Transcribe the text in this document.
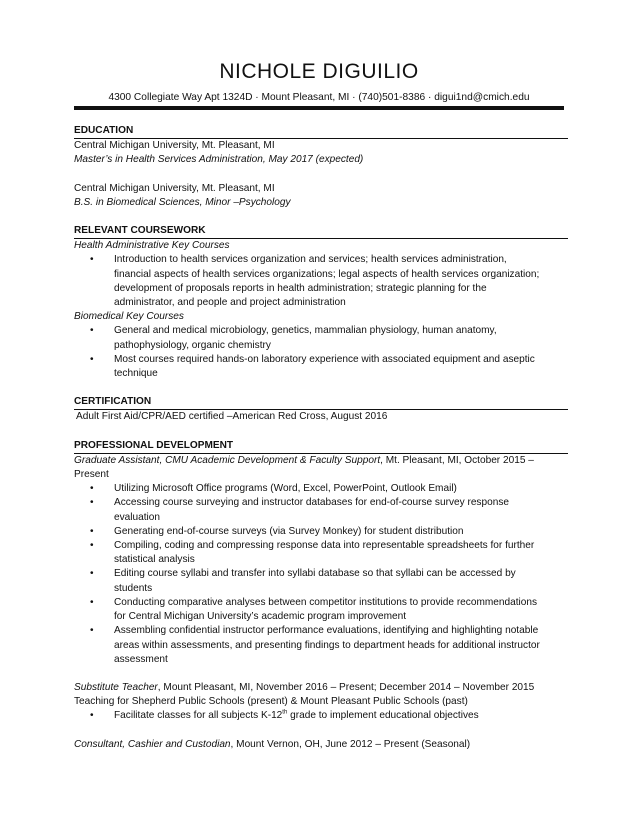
NICHOLE DIGUILIO
4300 Collegiate Way Apt 1324D · Mount Pleasant, MI · (740)501-8386 · digui1nd@cmich.edu
EDUCATION
Central Michigan University, Mt. Pleasant, MI
Master’s in Health Services Administration, May 2017 (expected)
Central Michigan University, Mt. Pleasant, MI
B.S. in Biomedical Sciences, Minor –Psychology
RELEVANT COURSEWORK
Health Administrative Key Courses
• Introduction to health services organization and services; health services administration,
financial aspects of health services organizations; legal aspects of health services organization;
development of proposals reports in health administration; strategic planning for the
administrator, and people and project administration
Biomedical Key Courses
• General and medical microbiology, genetics, mammalian physiology, human anatomy,
pathophysiology, organic chemistry
• Most courses required hands-on laboratory experience with associated equipment and aseptic
technique
CERTIFICATION
Adult First Aid/CPR/AED certified –American Red Cross, August 2016
PROFESSIONAL DEVELOPMENT
Graduate Assistant, CMU Academic Development & Faculty Support, Mt. Pleasant, MI, October 2015 –
Present
• Utilizing Microsoft Office programs (Word, Excel, PowerPoint, Outlook Email)
• Accessing course surveying and instructor databases for end-of-course survey response
evaluation
• Generating end-of-course surveys (via Survey Monkey) for student distribution
• Compiling, coding and compressing response data into representable spreadsheets for further
statistical analysis
• Editing course syllabi and transfer into syllabi database so that syllabi can be accessed by
students
• Conducting comparative analyses between competitor institutions to provide recommendations
for Central Michigan University’s academic program improvement
• Assembling confidential instructor performance evaluations, identifying and highlighting notable
areas within assessments, and presenting findings to department heads for additional instructor
assessment
Substitute Teacher, Mount Pleasant, MI, November 2016 – Present; December 2014 – November 2015
Teaching for Shepherd Public Schools (present) & Mount Pleasant Public Schools (past)
• Facilitate classes for all subjects K-12th grade to implement educational objectives
Consultant, Cashier and Custodian, Mount Vernon, OH, June 2012 – Present (Seasonal)
